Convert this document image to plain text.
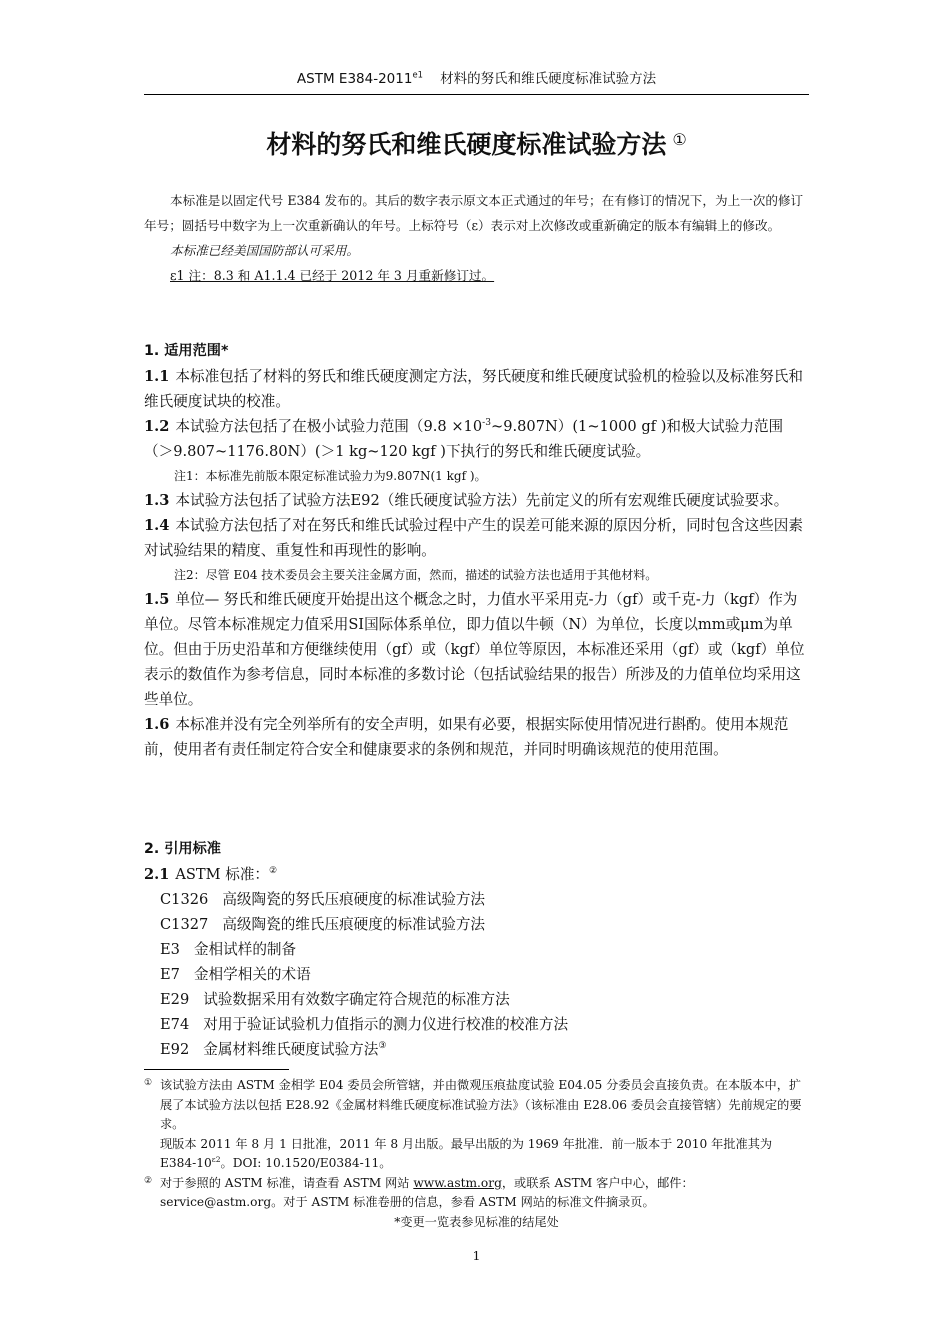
ASTM $E384-2011^{e1}$ 材料的努氏和维氏硬度标准试验方法
材料的努氏和维氏硬度标准试验方法 ①

本标准是以固定代号 E384 发布的。其后的数字表示原文本正式通过的年号；在有修订的情况下，为上一次的修订年号；圆括号中数字为上一次重新确认的年号。上标符号（ε）表示对上次修改或重新确定的版本有编辑上的修改。

本标准已经美国国防部认可采用。

ε1 注：8.3 和 A1.1.4 已经于 2012 年 3 月重新修订过。

1. 适用范围*

1.1 本标准包括了材料的努氏和维氏硬度测定方法，努氏硬度和维氏硬度试验机的检验以及标准努氏和维氏硬度试块的校准。

1.2 本试验方法包括了在极小试验力范围$(9.8 \times 10^{-3}\sim 9.807N)(1\sim 1000$ gf )和极大试验力范围（＞9.807~1176.80N）(＞1 kg~120 kgf )下执行的努氏和维氏硬度试验。

注1：本标准先前版本限定标准试验力为9.807N(1 kgf )。

1.3 本试验方法包括了试验方法E92（维氏硬度试验方法）先前定义的所有宏观维氏硬度试验要求。

1.4 本试验方法包括了对在努氏和维氏试验过程中产生的误差可能来源的原因分析，同时包含这些因素对试验结果的精度、重复性和再现性的影响。

注2：尽管 E04 技术委员会主要关注金属方面，然而，描述的试验方法也适用于其他材料。

1.5 单位— 努氏和维氏硬度开始提出这个概念之时，力值水平采用克-力（gf）或千克-力（kgf）作为单位。尽管本标准规定力值采用SI国际体系单位，即力值以牛顿（N）为单位，长度以mm或μm为单位。但由于历史沿革和方便继续使用（gf）或（kgf）单位等原因，本标准还采用（gf）或（kgf）单位表示的数值作为参考信息，同时本标准的多数讨论（包括试验结果的报告）所涉及的力值单位均采用这些单位。

1.6 本标准并没有完全列举所有的安全声明，如果有必要，根据实际使用情况进行斟酌。使用本规范前，使用者有责任制定符合安全和健康要求的条例和规范，并同时明确该规范的使用范围。

2. 引用标准

2.1 ASTM 标准：②

C1326 高级陶瓷的努氏压痕硬度的标准试验方法
C1327 高级陶瓷的维氏压痕硬度的标准试验方法
E3 金相试样的制备
E7 金相学相关的术语
E29 试验数据采用有效数字确定符合规范的标准方法
E74 对用于验证试验机力值指示的测力仪进行校准的校准方法
E92 金属材料维氏硬度试验方法③
① 该试验方法由 ASTM 金相学 E04 委员会所管辖，并由微观压痕盐度试验 E04.05 分委员会直接负责。在本版本中，扩展了本试验方法以包括 E28.92《金属材料维氏硬度标准试验方法》（该标准由 E28.06 委员会直接管辖）先前规定的要求。
现版本 2011 年 8 月 1 日批准，2011 年 8 月出版。最早出版的为 1969 年批准．前一版本于 2010 年批准其为 $E384-10^{\varepsilon 2}$。DOI: 10.1520/E0384-11。
② 对于参照的 ASTM 标准，请查看 ASTM 网站 www.astm.org，或联系 ASTM 客户中心，邮件：service@astm.org。对于 ASTM 标准卷册的信息，参看 ASTM 网站的标准文件摘录页。
*变更一览表参见标准的结尾处
1
